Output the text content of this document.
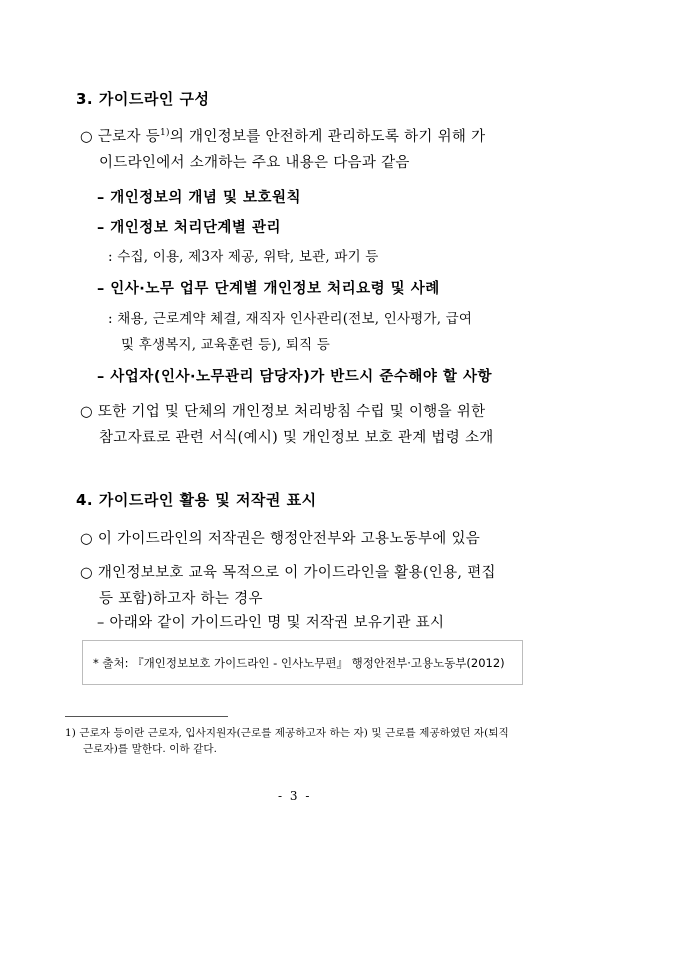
3. 가이드라인 구성
○ 근로자 등$^{1)}$의 개인정보를 안전하게 관리하도록 하기 위해 가
이드라인에서 소개하는 주요 내용은 다음과 같음
– 개인정보의 개념 및 보호원칙
– 개인정보 처리단계별 관리
: 수집, 이용, 제3자 제공, 위탁, 보관, 파기 등
– 인사·노무 업무 단계별 개인정보 처리요령 및 사례
: 채용, 근로계약 체결, 재직자 인사관리(전보, 인사평가, 급여
및 후생복지, 교육훈련 등), 퇴직 등
– 사업자(인사·노무관리 담당자)가 반드시 준수해야 할 사항
○ 또한 기업 및 단체의 개인정보 처리방침 수립 및 이행을 위한
참고자료로 관련 서식(예시) 및 개인정보 보호 관계 법령 소개
4. 가이드라인 활용 및 저작권 표시
○ 이 가이드라인의 저작권은 행정안전부와 고용노동부에 있음
○ 개인정보보호 교육 목적으로 이 가이드라인을 활용(인용, 편집
등 포함)하고자 하는 경우
– 아래와 같이 가이드라인 명 및 저작권 보유기관 표시
* 출처: 『개인정보보호 가이드라인 - 인사노무편』 행정안전부·고용노동부(2012)
1) 근로자 등이란 근로자, 입사지원자(근로를 제공하고자 하는 자) 및 근로를 제공하였던 자(퇴직
근로자)를 말한다. 이하 같다.
- 3 -
